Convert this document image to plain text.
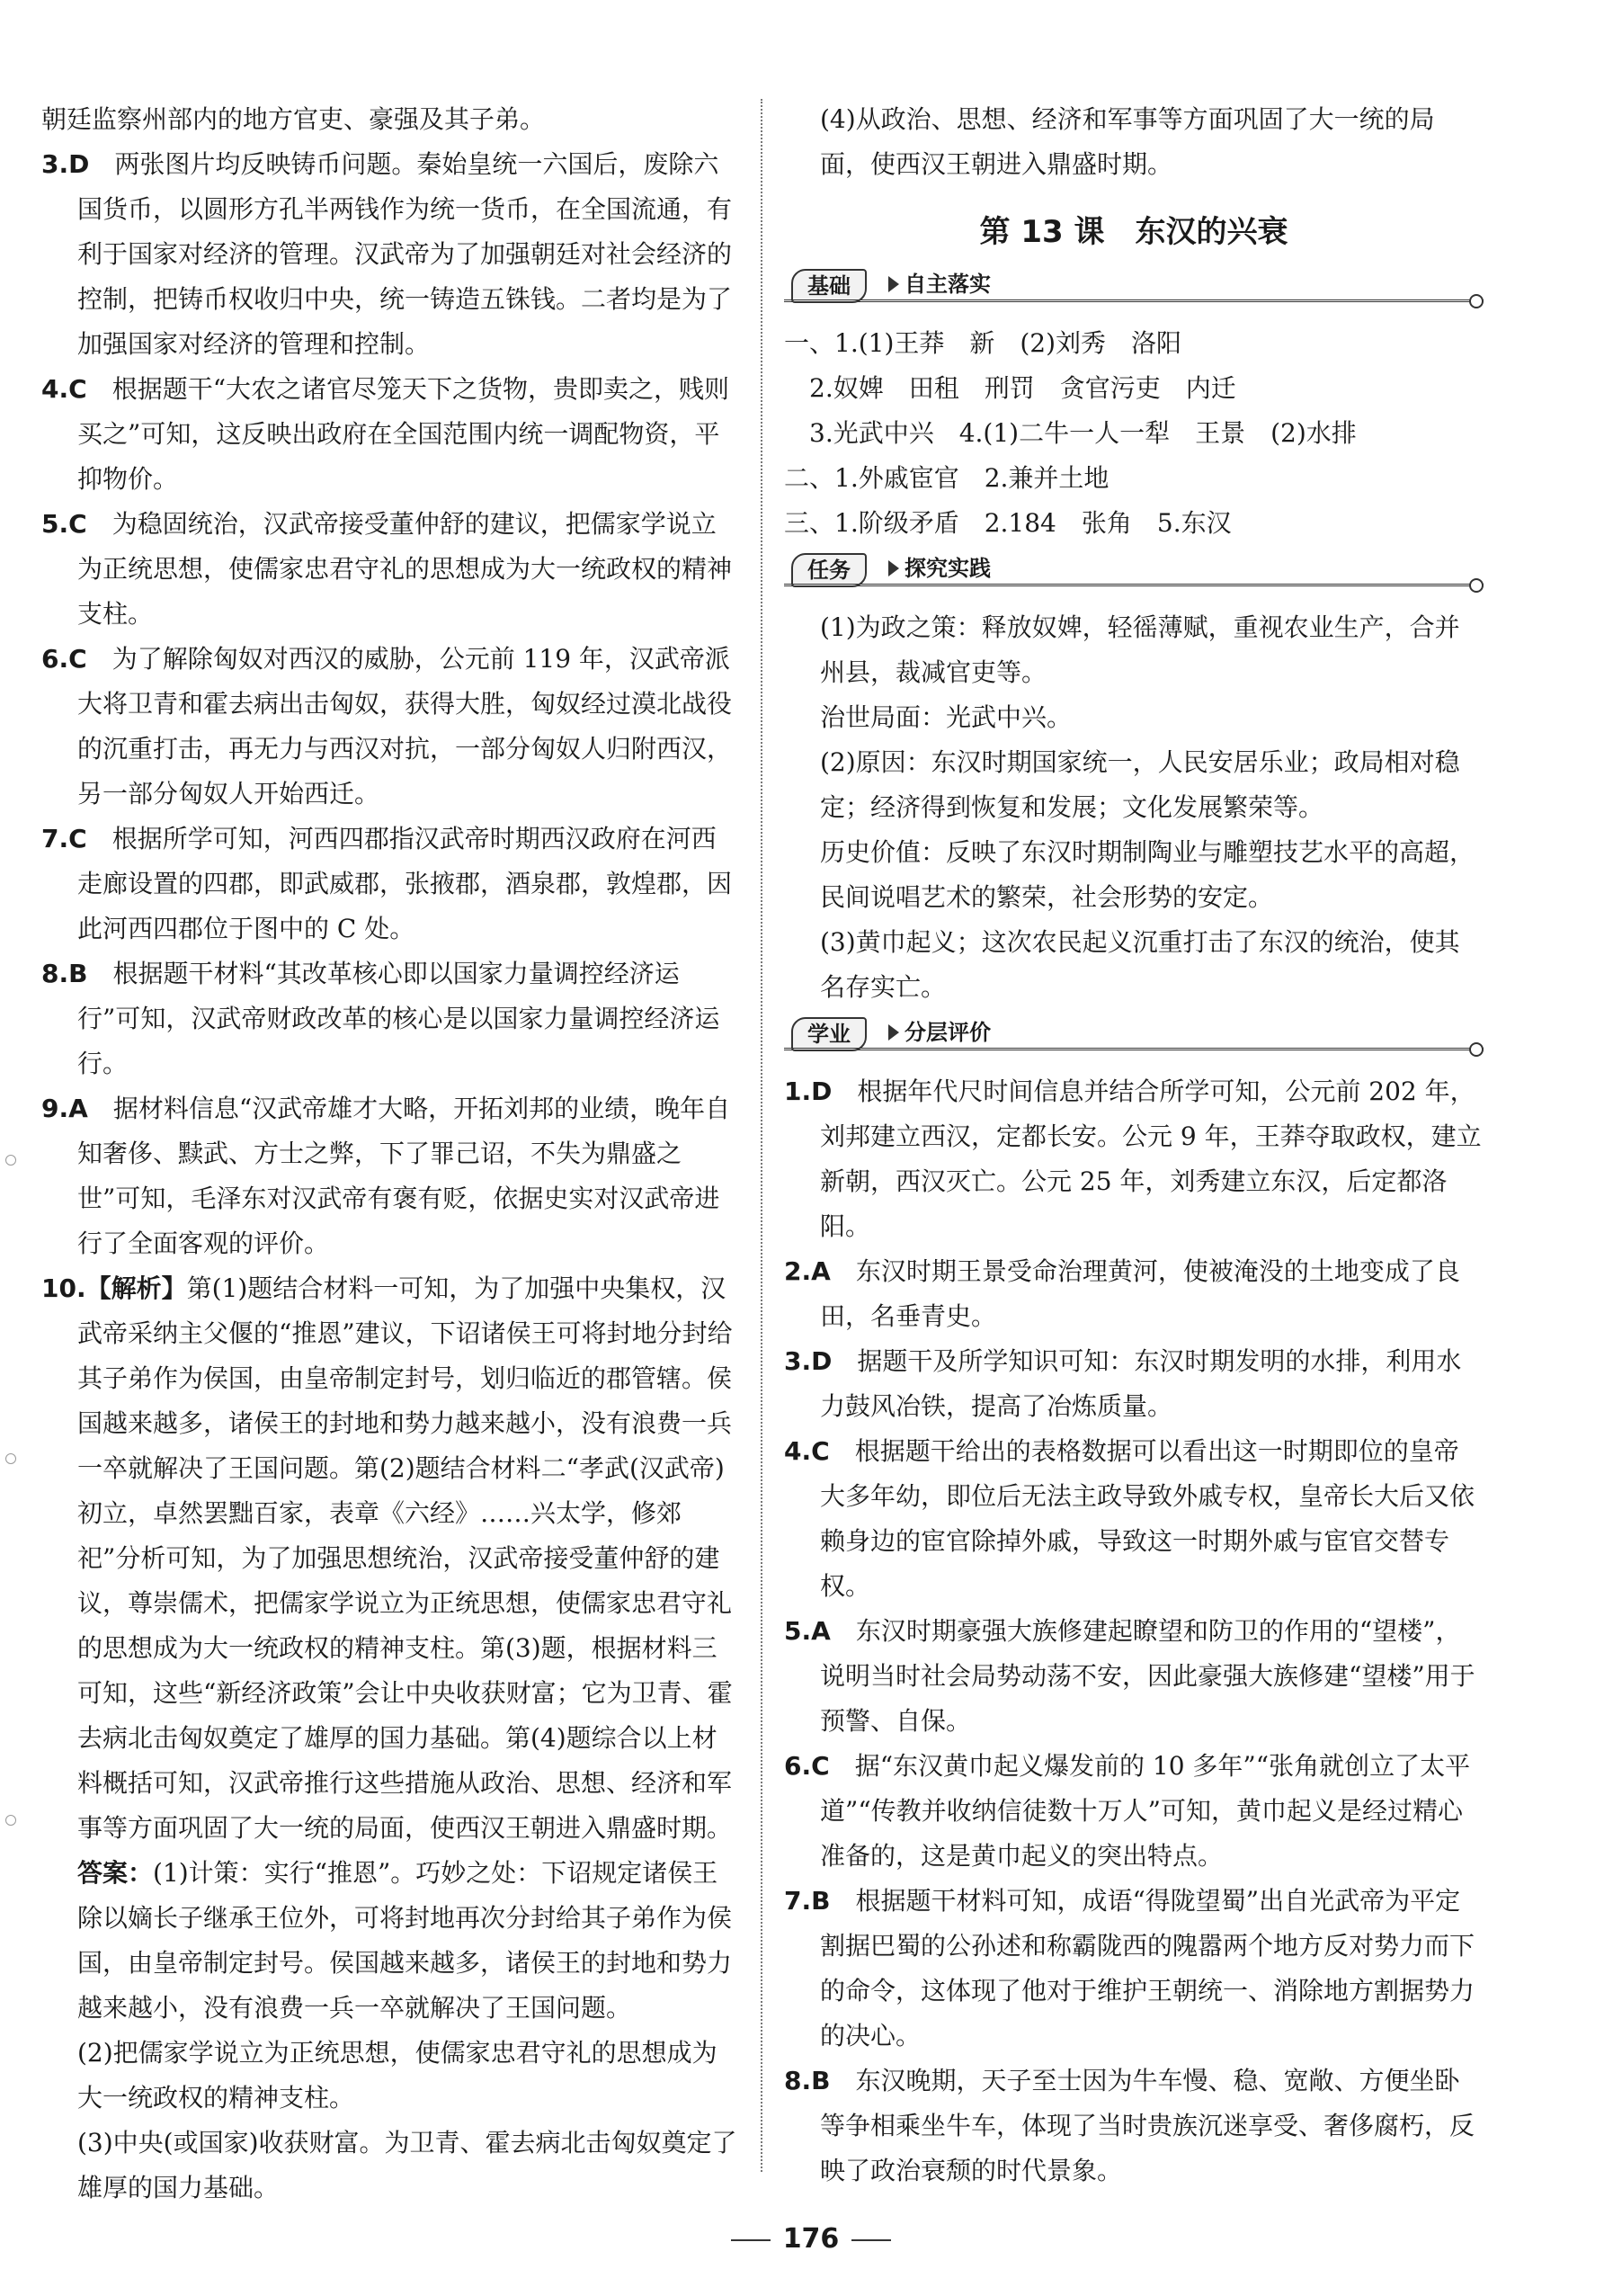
朝廷监察州部内的地方官吏、豪强及其子弟。

3.D　 两张图片均反映铸币问题。秦始皇统一六国后，废除六国货币，以圆形方孔半两钱作为统一货币，在全国流通，有利于国家对经济的管理。汉武帝为了加强朝廷对社会经济的控制，把铸币权收归中央，统一铸造五铢钱。二者均是为了加强国家对经济的管理和控制。

4.C　 根据题干“大农之诸官尽笼天下之货物，贵即卖之，贱则买之”可知，这反映出政府在全国范围内统一调配物资，平抑物价。

5.C　 为稳固统治，汉武帝接受董仲舒的建议，把儒家学说立为正统思想，使儒家忠君守礼的思想成为大一统政权的精神支柱。

6.C　 为了解除匈奴对西汉的威胁，公元前 119 年，汉武帝派大将卫青和霍去病出击匈奴，获得大胜，匈奴经过漠北战役的沉重打击，再无力与西汉对抗，一部分匈奴人归附西汉，另一部分匈奴人开始西迁。

7.C　 根据所学可知，河西四郡指汉武帝时期西汉政府在河西走廊设置的四郡，即武威郡，张掖郡，酒泉郡，敦煌郡，因此河西四郡位于图中的 C 处。

8.B　 根据题干材料“其改革核心即以国家力量调控经济运行”可知，汉武帝财政改革的核心是以国家力量调控经济运行。

9.A　 据材料信息“汉武帝雄才大略，开拓刘邦的业绩，晚年自知奢侈、黩武、方士之弊，下了罪己诏，不失为鼎盛之世”可知，毛泽东对汉武帝有褒有贬，依据史实对汉武帝进行了全面客观的评价。

10.【解析】第(1)题结合材料一可知，为了加强中央集权，汉武帝采纳主父偃的“推恩”建议，下诏诸侯王可将封地分封给其子弟作为侯国，由皇帝制定封号，划归临近的郡管辖。侯国越来越多，诸侯王的封地和势力越来越小，没有浪费一兵一卒就解决了王国问题。第(2)题结合材料二“孝武(汉武帝)初立，卓然罢黜百家，表章《六经》……兴太学，修郊祀”分析可知，为了加强思想统治，汉武帝接受董仲舒的建议，尊崇儒术，把儒家学说立为正统思想，使儒家忠君守礼的思想成为大一统政权的精神支柱。第(3)题，根据材料三可知，这些“新经济政策”会让中央收获财富；它为卫青、霍去病北击匈奴奠定了雄厚的国力基础。第(4)题综合以上材料概括可知，汉武帝推行这些措施从政治、思想、经济和军事等方面巩固了大一统的局面，使西汉王朝进入鼎盛时期。

答案：(1)计策：实行“推恩”。巧妙之处：下诏规定诸侯王除以嫡长子继承王位外，可将封地再次分封给其子弟作为侯国，由皇帝制定封号。侯国越来越多，诸侯王的封地和势力越来越小，没有浪费一兵一卒就解决了王国问题。

(2)把儒家学说立为正统思想，使儒家忠君守礼的思想成为大一统政权的精神支柱。

(3)中央(或国家)收获财富。为卫青、霍去病北击匈奴奠定了雄厚的国力基础。

(4)从政治、思想、经济和军事等方面巩固了大一统的局面，使西汉王朝进入鼎盛时期。

第 13 课　东汉的兴衰
基础	自主落实

一、1.(1)王莽　新　(2)刘秀　洛阳

　2.奴婢　田租　刑罚　贪官污吏　内迁

　3.光武中兴　4.(1)二牛一人一犁　王景　(2)水排

二、1.外戚宦官　2.兼并土地

三、1.阶级矛盾　2.184　张角　5.东汉

任务	探究实践

(1)为政之策：释放奴婢，轻徭薄赋，重视农业生产，合并州县，裁减官吏等。

治世局面：光武中兴。

(2)原因：东汉时期国家统一，人民安居乐业；政局相对稳定；经济得到恢复和发展；文化发展繁荣等。

历史价值：反映了东汉时期制陶业与雕塑技艺水平的高超，民间说唱艺术的繁荣，社会形势的安定。

(3)黄巾起义；这次农民起义沉重打击了东汉的统治，使其名存实亡。

学业	分层评价

1.D　 根据年代尺时间信息并结合所学可知，公元前 202 年，刘邦建立西汉，定都长安。公元 9 年，王莽夺取政权，建立新朝，西汉灭亡。公元 25 年，刘秀建立东汉，后定都洛阳。

2.A　 东汉时期王景受命治理黄河，使被淹没的土地变成了良田，名垂青史。

3.D　 据题干及所学知识可知：东汉时期发明的水排，利用水力鼓风冶铁，提高了冶炼质量。

4.C　 根据题干给出的表格数据可以看出这一时期即位的皇帝大多年幼，即位后无法主政导致外戚专权，皇帝长大后又依赖身边的宦官除掉外戚，导致这一时期外戚与宦官交替专权。

5.A　 东汉时期豪强大族修建起瞭望和防卫的作用的“望楼”，说明当时社会局势动荡不安，因此豪强大族修建“望楼”用于预警、自保。

6.C　 据“东汉黄巾起义爆发前的 10 多年”“张角就创立了太平道”“传教并收纳信徒数十万人”可知，黄巾起义是经过精心准备的，这是黄巾起义的突出特点。

7.B　 根据题干材料可知，成语“得陇望蜀”出自光武帝为平定割据巴蜀的公孙述和称霸陇西的隗嚣两个地方反对势力而下的命令，这体现了他对于维护王朝统一、消除地方割据势力的决心。

8.B　 东汉晚期，天子至士因为牛车慢、稳、宽敞、方便坐卧等争相乘坐牛车，体现了当时贵族沉迷享受、奢侈腐朽，反映了政治衰颓的时代景象。

176
